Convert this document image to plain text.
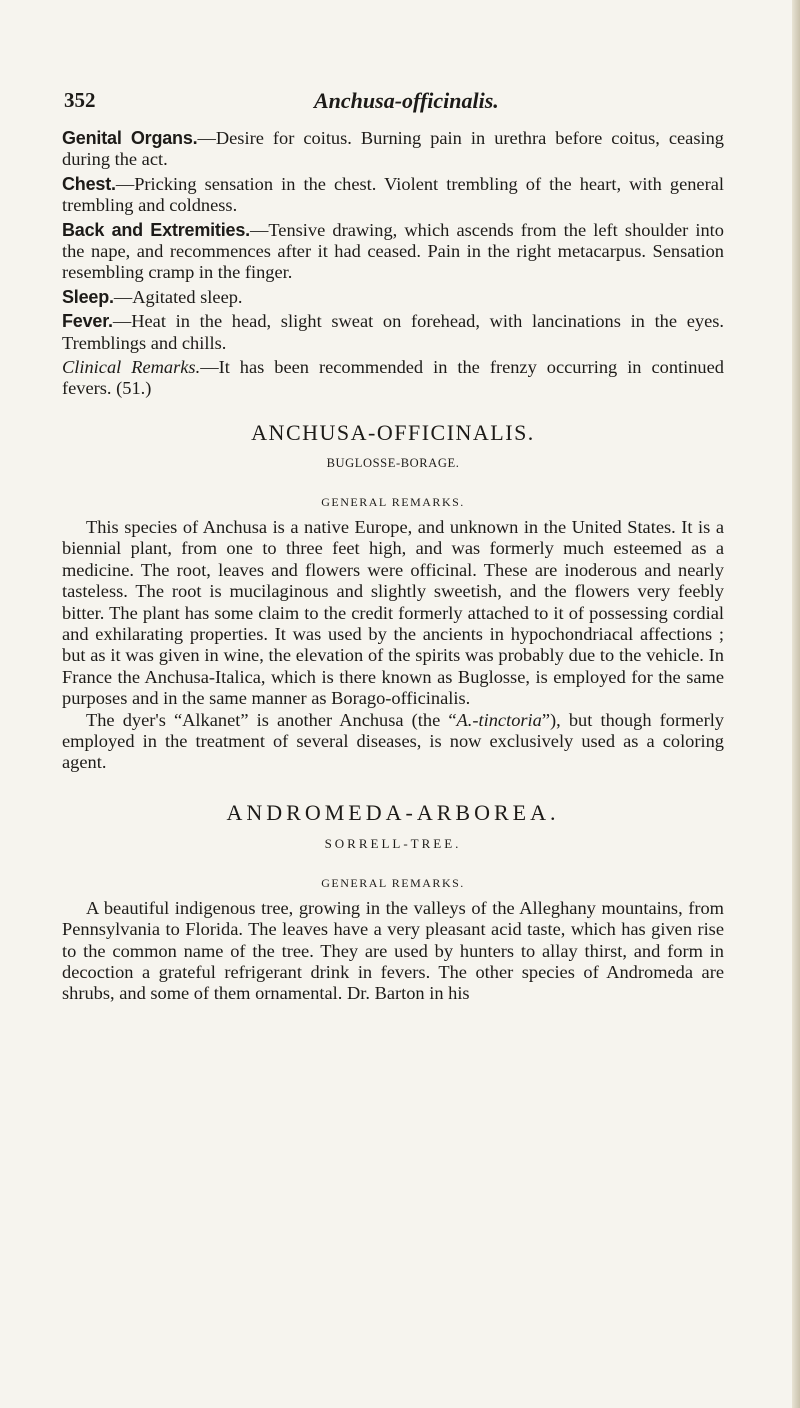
352	Anchusa-officinalis.

Genital Organs.—Desire for coitus. Burning pain in urethra before coitus, ceasing during the act.

Chest.—Pricking sensation in the chest. Violent trembling of the heart, with general trembling and coldness.

Back and Extremities.—Tensive drawing, which ascends from the left shoulder into the nape, and recommences after it had ceased. Pain in the right metacarpus. Sensation resembling cramp in the finger.

Sleep.—Agitated sleep.

Fever.—Heat in the head, slight sweat on forehead, with lancinations in the eyes. Tremblings and chills.

Clinical Remarks.—It has been recommended in the frenzy occurring in continued fevers. (51.)

ANCHUSA-OFFICINALIS.
BUGLOSSE-BORAGE.
GENERAL REMARKS.

This species of Anchusa is a native Europe, and unknown in the United States. It is a biennial plant, from one to three feet high, and was formerly much esteemed as a medicine. The root, leaves and flowers were officinal. These are inoderous and nearly tasteless. The root is mucilaginous and slightly sweetish, and the flowers very feebly bitter. The plant has some claim to the credit formerly attached to it of possessing cordial and exhilarating properties. It was used by the ancients in hypochondriacal affections ; but as it was given in wine, the elevation of the spirits was probably due to the vehicle. In France the Anchusa-Italica, which is there known as Buglosse, is employed for the same purposes and in the same manner as Borago-officinalis.

The dyer's “Alkanet” is another Anchusa (the “A.-tinctoria”), but though formerly employed in the treatment of several diseases, is now exclusively used as a coloring agent.

ANDROMEDA-ARBOREA.
SORRELL-TREE.
GENERAL REMARKS.

A beautiful indigenous tree, growing in the valleys of the Alleghany mountains, from Pennsylvania to Florida. The leaves have a very pleasant acid taste, which has given rise to the common name of the tree. They are used by hunters to allay thirst, and form in decoction a grateful refrigerant drink in fevers. The other species of Andromeda are shrubs, and some of them ornamental. Dr. Barton in his
